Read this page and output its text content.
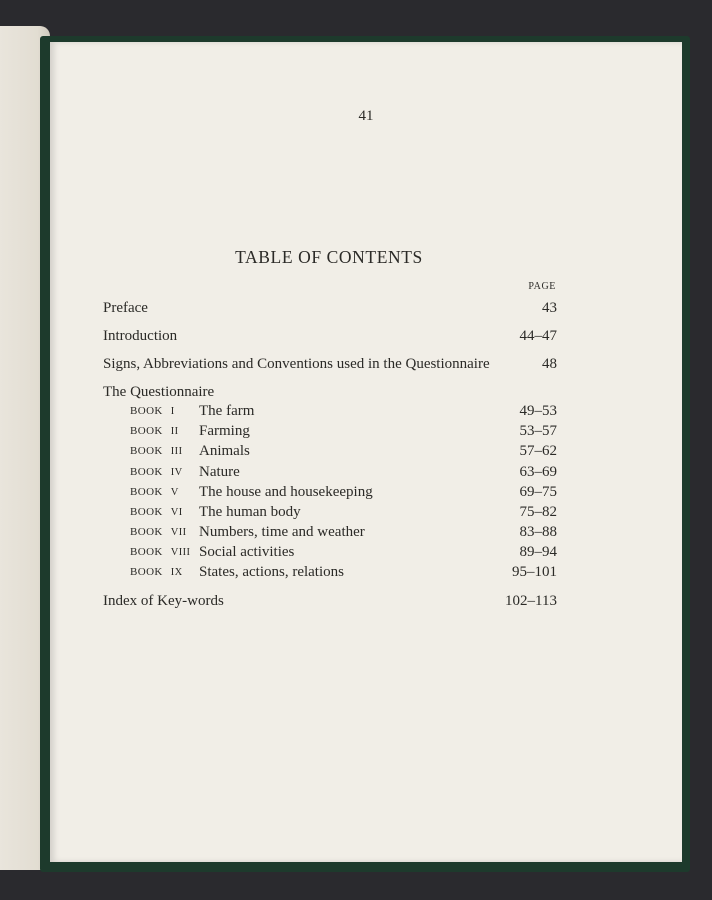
41
TABLE OF CONTENTS
PAGE
Preface	43
Introduction	44–47
Signs, Abbreviations and Conventions used in the Questionnaire	48
The Questionnaire
BOOK I The farm	49–53
BOOK II Farming	53–57
BOOK III Animals	57–62
BOOK IV Nature	63–69
BOOK V The house and housekeeping	69–75
BOOK VI The human body	75–82
BOOK VII Numbers, time and weather	83–88
BOOK VIII Social activities	89–94
BOOK IX States, actions, relations	95–101
Index of Key-words	102–113
